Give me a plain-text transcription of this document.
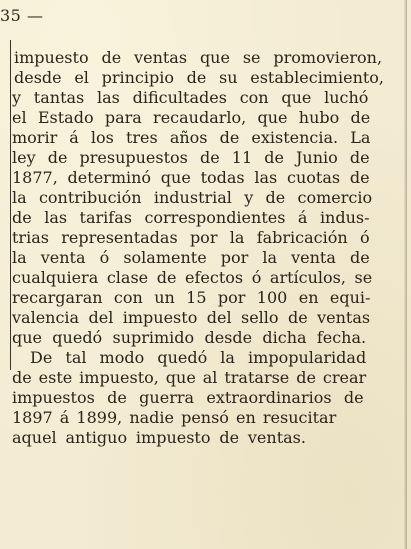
35 —
impuesto de ventas que se promovieron,
desde el principio de su establecimiento,
y tantas las dificultades con que luchó
el Estado para recaudarlo, que hubo de
morir á los tres años de existencia. La
ley de presupuestos de 11 de Junio de
1877, determinó que todas las cuotas de
la contribución industrial y de comercio
de las tarifas correspondientes á indus-
trias representadas por la fabricación ó
la venta ó solamente por la venta de
cualquiera clase de efectos ó artículos, se
recargaran con un 15 por 100 en equi-
valencia del impuesto del sello de ventas
que quedó suprimido desde dicha fecha.
De tal modo quedó la impopularidad
de este impuesto, que al tratarse de crear
impuestos de guerra extraordinarios de
1897 á 1899, nadie pensó en resucitar
aquel antiguo impuesto de ventas.
